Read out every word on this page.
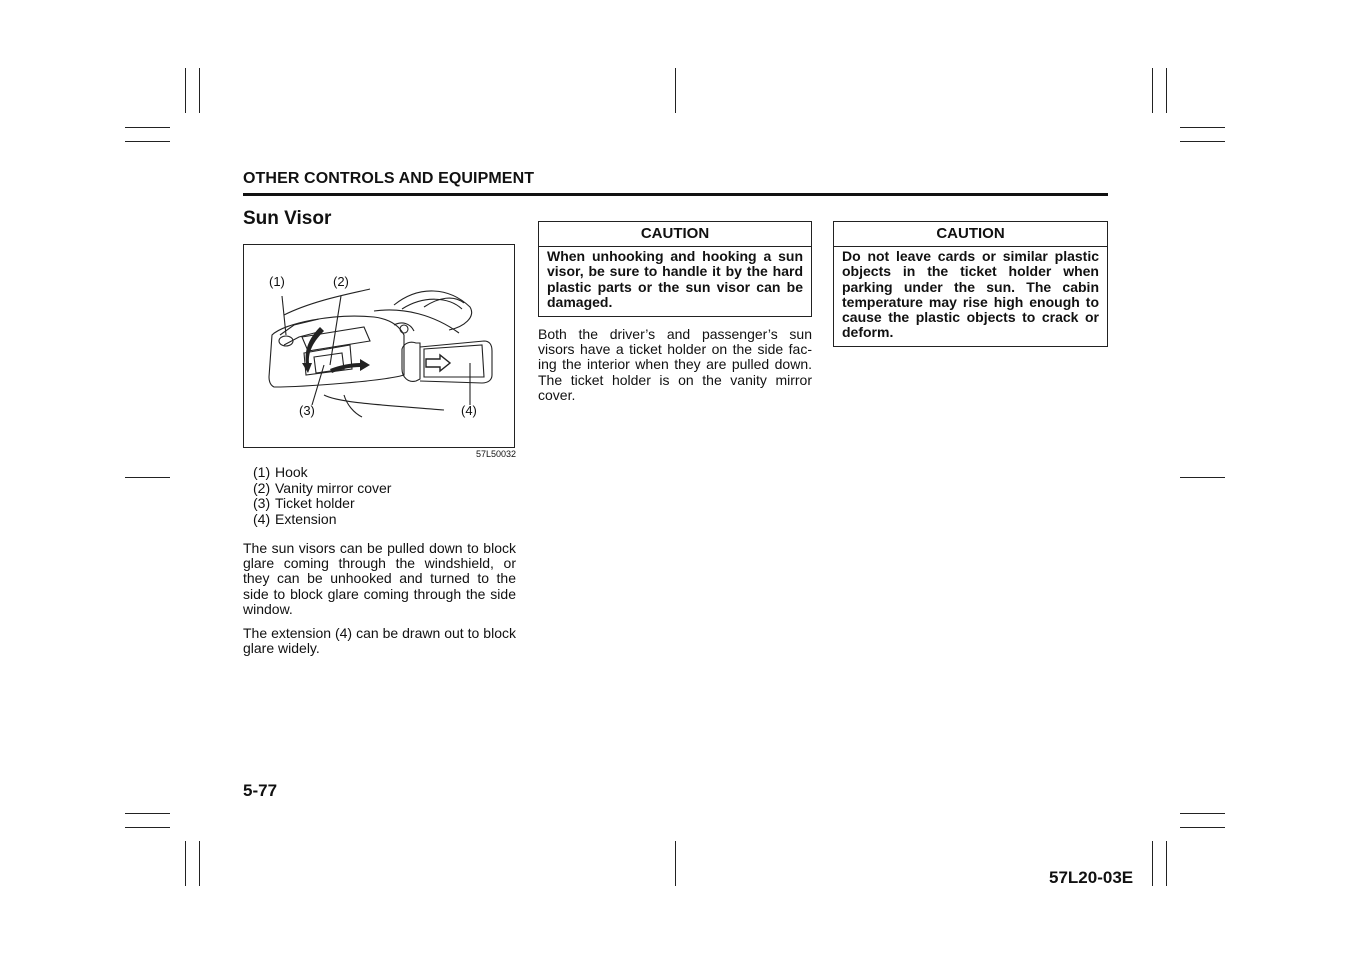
OTHER CONTROLS AND EQUIPMENT
Sun Visor
(1)	(2)
(3)	(4)
57L50032
(1) Hook
(2) Vanity mirror cover
(3) Ticket holder
(4) Extension

The sun visors can be pulled down to block glare coming through the windshield, or they can be unhooked and turned to the side to block glare coming through the side window.

The extension (4) can be drawn out to block glare widely.

CAUTION
When unhooking and hooking a sun visor, be sure to handle it by the hard plastic parts or the sun visor can be damaged.

Both the driver’s and passenger’s sun visors have a ticket holder on the side fac-ing the interior when they are pulled down. The ticket holder is on the vanity mirror cover.

CAUTION
Do not leave cards or similar plastic objects in the ticket holder when parking under the sun. The cabin temperature may rise high enough to cause the plastic objects to crack or deform.
5-77
57L20-03E
